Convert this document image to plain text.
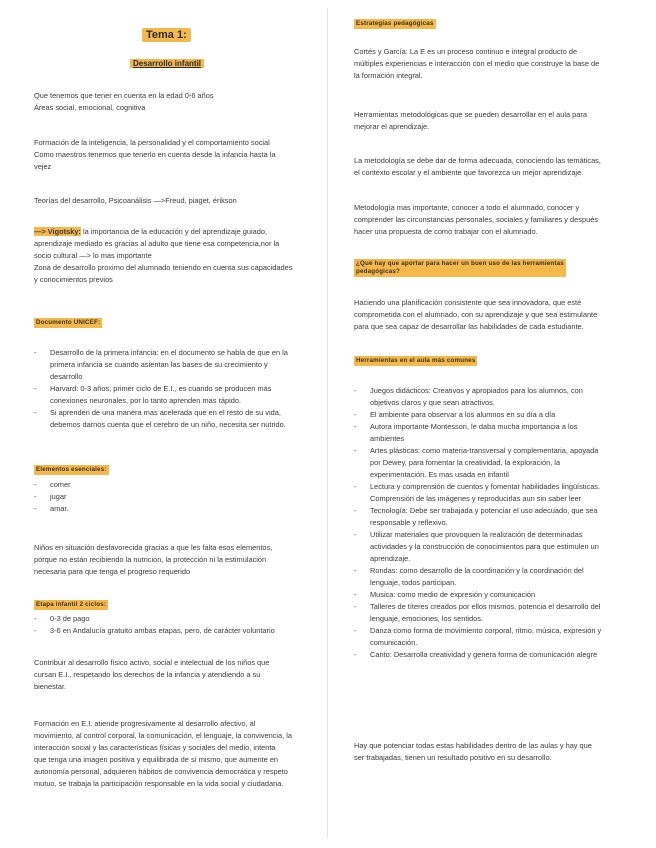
Tema 1:
Desarrollo infantil

Que tenemos que tener en cuenta en la edad 0-6 años

Áreas social, emocional, cognitiva

Formación de la inteligencia, la personalidad y el comportamiento social

Como maestros tenemos que tenerlo en cuenta desde la infancia hasta la

vejez

Teorías del desarrollo, Psicoanálisis —>Freud, piaget, érikson

—> Vigotsky: la importancia de la educación y del aprendizaje guiado,

aprendizaje mediado es gracias al adulto que tiene esa competencia,nor la

socio cultural —> lo mas importante

Zona de desarrollo proximo del alumnado teniendo en cuenta sus capacidades

y conocimientos previos

Documento UNICEF:
- Desarrollo de la primera infancia: en el documento se habla de que en la
primera infancia se cuando asientan las bases de su crecimiento y
desarrollo
- Harvard: 0-3 años, primer ciclo de E.I., es cuando se producen mas
conexiones neuronales, por lo tanto aprenden mas rápido.
- Si aprenden de una manera mas acelerada que en el resto de su vida,
debemos darnos cuenta que el cerebro de un niño, necesita ser nutrido.
Elementos esenciales:
- comer
- jugar
- amar.

Niños en situación desfavorecida gracias a que les falta esos elementos,

porque no están recibiendo la nutrición, la protección ni la estimulación

necesaria para que tenga el progreso requerido

Etapa infantil 2 ciclos:
- 0-3 de pago
- 3-6 en Andalucía gratuito ambas etapas, pero, de carácter voluntario

Contribuir al desarrollo físico activo, social e intelectual de los niños que

cursan E.I., respetando los derechos de la infancia y atendiendo a su

bienestar.

Formación en E.I. atiende progresivamente al desarrollo afectivo, al

movimiento, al control corporal, la comunicación, el lenguaje, la convivencia, la

interacción social y las características físicas y sociales del medio, intenta

que tenga una imagen positiva y equilibrada de sí mismo, que aumente en

autonomía personal, adquieren hábitos de convivencia democrática y respeto

mutuo, se trabaja la participación responsable en la vida social y ciudadana.

Estrategias pedagógicas

Cortés y García: La E es un proceso continuo e integral producto de

múltiples experiencias e interacción con el medio que construye la base de

la formación integral.

Herramientas metodológicas que se pueden desarrollar en el aula para

mejorar el aprendizaje.

La metodología se debe dar de forma adecuada, conociendo las temáticas,

el contexto escolar y el ambiente que favorezca un mejor aprendizaje.

Metodología mas importante, conocer a todo el alumnado, conocer y

comprender las circunstancias personales, sociales y familiares y después

hacer una propuesta de como trabajar con el alumnado.

¿Qué hay que aportar para hacer un buen uso de las herramientas
pedagógicas?

Haciendo una planificación consistente que sea innovadora, que esté

comprometida con el alumnado, con su aprendizaje y que sea estimulante

para que sea capaz de desarrollar las habilidades de cada estudiante.

Herramientas en el aula más comunes
- Juegos didácticos: Creativos y apropiados para los alumnos, con
objetivos claros y que sean atractivos.
- El ambiente para observar a los alumnos en su día a día
- Autora importante Montessori, le daba mucha importancia a los
ambientes
- Artes plásticas: como materia-transversal y complementaria, apoyada
por Dewey, para fomentar la creatividad, la exploración, la
experimentación. Es mas usada en infantil
- Lectura y comprensión de cuentos y fomentar habilidades lingüísticas.
Comprensión de las imágenes y reproducirlas aun sin saber leer
- Tecnología: Debe ser trabajada y potenciar el uso adecuado, que sea
responsable y reflexivo.
- Utilizar materiales que provoquen la realización de determinadas
actividades y la construcción de conocimientos para que estimulen un
aprendizaje.
- Rondas: como desarrollo de la coordinación y la coordinación del
lenguaje, todos participan.
- Musica: como medio de expresión y comunicación
- Talleres de títeres creados por ellos mismos, potencia el desarrollo del
lenguaje, emociones, los sentidos.
- Danza como forma de movimiento corporal, ritmo, música, expresión y
comunicación.
- Canto: Desarrolla creatividad y genera forma de comunicación alegre

Hay que potenciar todas estas habilidades dentro de las aulas y hay que

ser trabajadas, tienen un resultado positivo en su desarrollo.
